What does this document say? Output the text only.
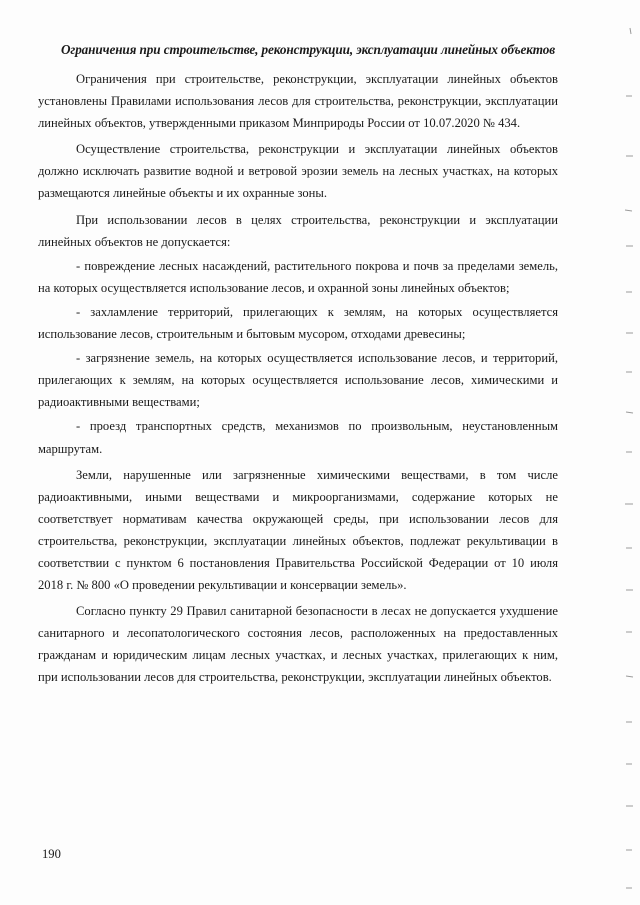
Ограничения при строительстве, реконструкции, эксплуатации линейных объектов

Ограничения при строительстве, реконструкции, эксплуатации линейных объектов установлены Правилами использования лесов для строительства, реконструкции, эксплуатации линейных объектов, утвержденными приказом Минприроды России от 10.07.2020 № 434.

Осуществление строительства, реконструкции и эксплуатации линейных объектов должно исключать развитие водной и ветровой эрозии земель на лесных участках, на которых размещаются линейные объекты и их охранные зоны.

При использовании лесов в целях строительства, реконструкции и эксплуатации линейных объектов не допускается:

- повреждение лесных насаждений, растительного покрова и почв за пределами земель, на которых осуществляется использование лесов, и охранной зоны линейных объектов;

- захламление территорий, прилегающих к землям, на которых осуществляется использование лесов, строительным и бытовым мусором, отходами древесины;

- загрязнение земель, на которых осуществляется использование лесов, и территорий, прилегающих к землям, на которых осуществляется использование лесов, химическими и радиоактивными веществами;

- проезд транспортных средств, механизмов по произвольным, неустановленным маршрутам.

Земли, нарушенные или загрязненные химическими веществами, в том числе радиоактивными, иными веществами и микроорганизмами, содержание которых не соответствует нормативам качества окружающей среды, при использовании лесов для строительства, реконструкции, эксплуатации линейных объектов, подлежат рекультивации в соответствии с пунктом 6 постановления Правительства Российской Федерации от 10 июля 2018 г. № 800 «О проведении рекультивации и консервации земель».

Согласно пункту 29 Правил санитарной безопасности в лесах не допускается ухудшение санитарного и лесопатологического состояния лесов, расположенных на предоставленных гражданам и юридическим лицам лесных участках, и лесных участках, прилегающих к ним, при использовании лесов для строительства, реконструкции, эксплуатации линейных объектов.

190
